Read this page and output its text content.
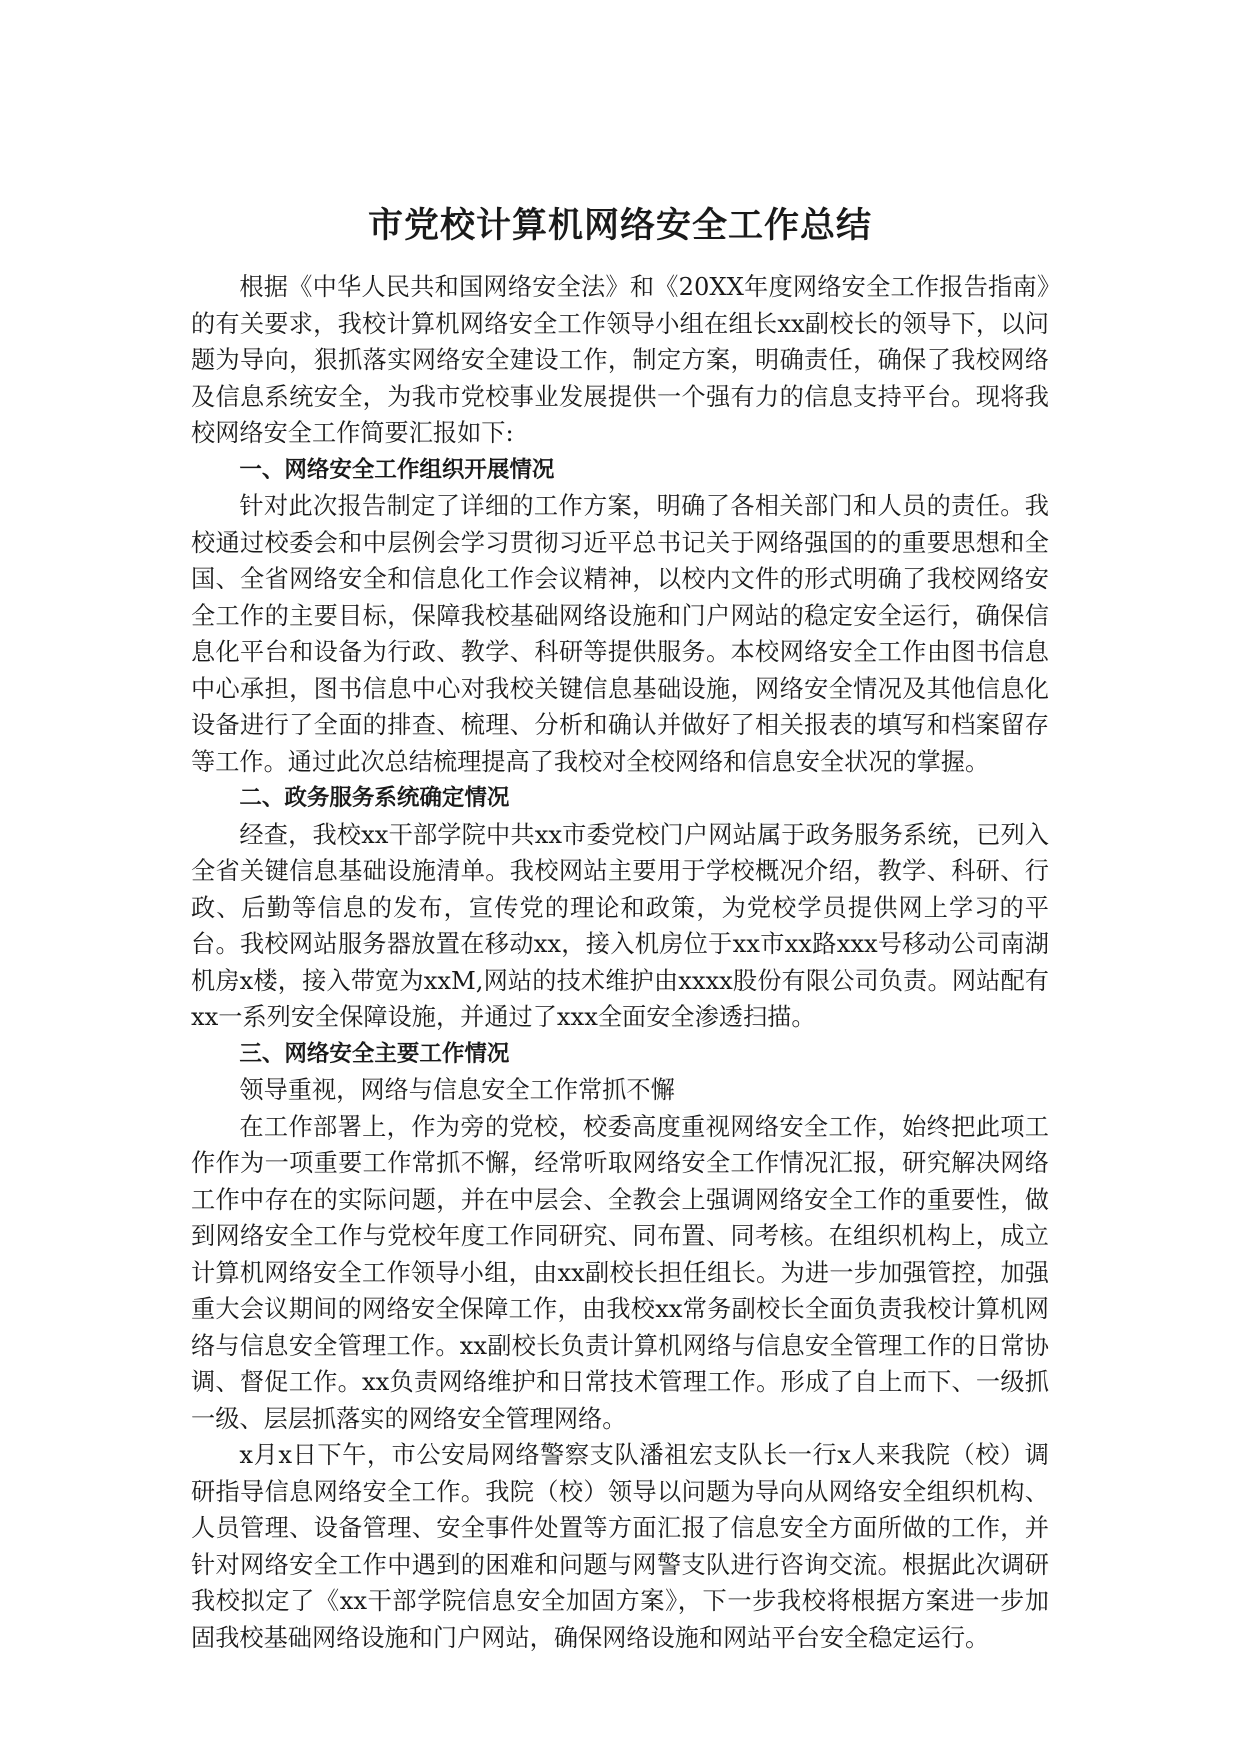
市党校计算机网络安全工作总结

根据《中华人民共和国网络安全法》和《20XX年度网络安全工作报告指南》的有关要求，我校计算机网络安全工作领导小组在组长xx副校长的领导下，以问题为导向，狠抓落实网络安全建设工作，制定方案，明确责任，确保了我校网络及信息系统安全，为我市党校事业发展提供一个强有力的信息支持平台。现将我校网络安全工作简要汇报如下:

一、网络安全工作组织开展情况

针对此次报告制定了详细的工作方案，明确了各相关部门和人员的责任。我校通过校委会和中层例会学习贯彻习近平总书记关于网络强国的的重要思想和全国、全省网络安全和信息化工作会议精神，以校内文件的形式明确了我校网络安全工作的主要目标，保障我校基础网络设施和门户网站的稳定安全运行，确保信息化平台和设备为行政、教学、科研等提供服务。本校网络安全工作由图书信息中心承担，图书信息中心对我校关键信息基础设施，网络安全情况及其他信息化设备进行了全面的排查、梳理、分析和确认并做好了相关报表的填写和档案留存等工作。通过此次总结梳理提高了我校对全校网络和信息安全状况的掌握。

二、政务服务系统确定情况

经查，我校xx干部学院中共xx市委党校门户网站属于政务服务系统，已列入全省关键信息基础设施清单。我校网站主要用于学校概况介绍，教学、科研、行政、后勤等信息的发布，宣传党的理论和政策，为党校学员提供网上学习的平台。我校网站服务器放置在移动xx，接入机房位于xx市xx路xxx号移动公司南湖机房x楼，接入带宽为xxM,网站的技术维护由xxxx股份有限公司负责。网站配有xx一系列安全保障设施，并通过了xxx全面安全渗透扫描。

三、网络安全主要工作情况

领导重视，网络与信息安全工作常抓不懈

在工作部署上，作为旁的党校，校委高度重视网络安全工作，始终把此项工作作为一项重要工作常抓不懈，经常听取网络安全工作情况汇报，研究解决网络工作中存在的实际问题，并在中层会、全教会上强调网络安全工作的重要性，做到网络安全工作与党校年度工作同研究、同布置、同考核。在组织机构上，成立计算机网络安全工作领导小组，由xx副校长担任组长。为进一步加强管控，加强重大会议期间的网络安全保障工作，由我校xx常务副校长全面负责我校计算机网络与信息安全管理工作。xx副校长负责计算机网络与信息安全管理工作的日常协调、督促工作。xx负责网络维护和日常技术管理工作。形成了自上而下、一级抓一级、层层抓落实的网络安全管理网络。

x月x日下午，市公安局网络警察支队潘祖宏支队长一行x人来我院（校）调研指导信息网络安全工作。我院（校）领导以问题为导向从网络安全组织机构、人员管理、设备管理、安全事件处置等方面汇报了信息安全方面所做的工作，并针对网络安全工作中遇到的困难和问题与网警支队进行咨询交流。根据此次调研我校拟定了《xx干部学院信息安全加固方案》，下一步我校将根据方案进一步加固我校基础网络设施和门户网站，确保网络设施和网站平台安全稳定运行。
